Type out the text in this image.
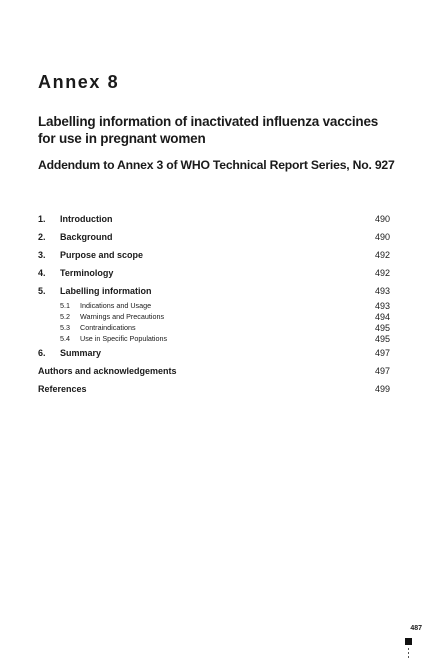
Annex 8
Labelling information of inactivated influenza vaccines for use in pregnant women
Addendum to Annex 3 of WHO Technical Report Series, No. 927
1.	Introduction	490
2.	Background	490
3.	Purpose and scope	492
4.	Terminology	492
5.	Labelling information	493
5.1	Indications and Usage	493
5.2	Warnings and Precautions	494
5.3	Contraindications	495
5.4	Use in Specific Populations	495
6.	Summary	497
Authors and acknowledgements	497
References	499
487
